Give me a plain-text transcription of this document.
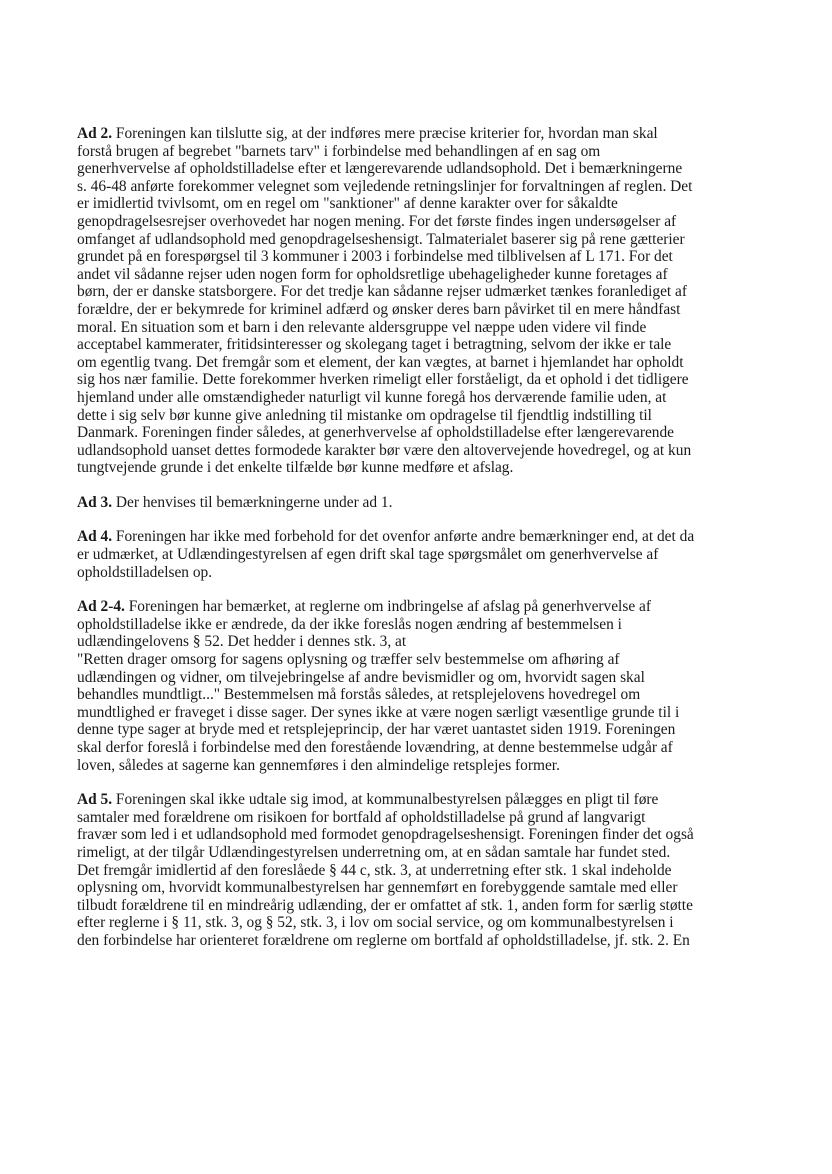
Ad 2. Foreningen kan tilslutte sig, at der indføres mere præcise kriterier for, hvordan man skal
forstå brugen af begrebet "barnets tarv" i forbindelse med behandlingen af en sag om
generhvervelse af opholdstilladelse efter et længerevarende udlandsophold. Det i bemærkningerne
s. 46-48 anførte forekommer velegnet som vejledende retningslinjer for forvaltningen af reglen. Det
er imidlertid tvivlsomt, om en regel om "sanktioner" af denne karakter over for såkaldte
genopdragelsesrejser overhovedet har nogen mening. For det første findes ingen undersøgelser af
omfanget af udlandsophold med genopdragelseshensigt. Talmaterialet baserer sig på rene gætterier
grundet på en forespørgsel til 3 kommuner i 2003 i forbindelse med tilblivelsen af L 171. For det
andet vil sådanne rejser uden nogen form for opholdsretlige ubehageligheder kunne foretages af
børn, der er danske statsborgere. For det tredje kan sådanne rejser udmærket tænkes foranlediget af
forældre, der er bekymrede for kriminel adfærd og ønsker deres barn påvirket til en mere håndfast
moral. En situation som et barn i den relevante aldersgruppe vel næppe uden videre vil finde
acceptabel kammerater, fritidsinteresser og skolegang taget i betragtning, selvom der ikke er tale
om egentlig tvang. Det fremgår som et element, der kan vægtes, at barnet i hjemlandet har opholdt
sig hos nær familie. Dette forekommer hverken rimeligt eller forståeligt, da et ophold i det tidligere
hjemland under alle omstændigheder naturligt vil kunne foregå hos derværende familie uden, at
dette i sig selv bør kunne give anledning til mistanke om opdragelse til fjendtlig indstilling til
Danmark. Foreningen finder således, at generhvervelse af opholdstilladelse efter længerevarende
udlandsophold uanset dettes formodede karakter bør være den altovervejende hovedregel, og at kun
tungtvejende grunde i det enkelte tilfælde bør kunne medføre et afslag.

Ad 3. Der henvises til bemærkningerne under ad 1.

Ad 4. Foreningen har ikke med forbehold for det ovenfor anførte andre bemærkninger end, at det da
er udmærket, at Udlændingestyrelsen af egen drift skal tage spørgsmålet om generhvervelse af
opholdstilladelsen op.

Ad 2-4. Foreningen har bemærket, at reglerne om indbringelse af afslag på generhvervelse af
opholdstilladelse ikke er ændrede, da der ikke foreslås nogen ændring af bestemmelsen i
udlændingelovens § 52. Det hedder i dennes stk. 3, at
"Retten drager omsorg for sagens oplysning og træffer selv bestemmelse om afhøring af
udlændingen og vidner, om tilvejebringelse af andre bevismidler og om, hvorvidt sagen skal
behandles mundtligt..." Bestemmelsen må forstås således, at retsplejelovens hovedregel om
mundtlighed er fraveget i disse sager. Der synes ikke at være nogen særligt væsentlige grunde til i
denne type sager at bryde med et retsplejeprincip, der har været uantastet siden 1919. Foreningen
skal derfor foreslå i forbindelse med den forestående lovændring, at denne bestemmelse udgår af
loven, således at sagerne kan gennemføres i den almindelige retsplejes former.

Ad 5. Foreningen skal ikke udtale sig imod, at kommunalbestyrelsen pålægges en pligt til føre
samtaler med forældrene om risikoen for bortfald af opholdstilladelse på grund af langvarigt
fravær som led i et udlandsophold med formodet genopdragelseshensigt. Foreningen finder det også
rimeligt, at der tilgår Udlændingestyrelsen underretning om, at en sådan samtale har fundet sted.
Det fremgår imidlertid af den foreslåede § 44 c, stk. 3, at underretning efter stk. 1 skal indeholde
oplysning om, hvorvidt kommunalbestyrelsen har gennemført en forebyggende samtale med eller
tilbudt forældrene til en mindreårig udlænding, der er omfattet af stk. 1, anden form for særlig støtte
efter reglerne i § 11, stk. 3, og § 52, stk. 3, i lov om social service, og om kommunalbestyrelsen i
den forbindelse har orienteret forældrene om reglerne om bortfald af opholdstilladelse, jf. stk. 2. En
